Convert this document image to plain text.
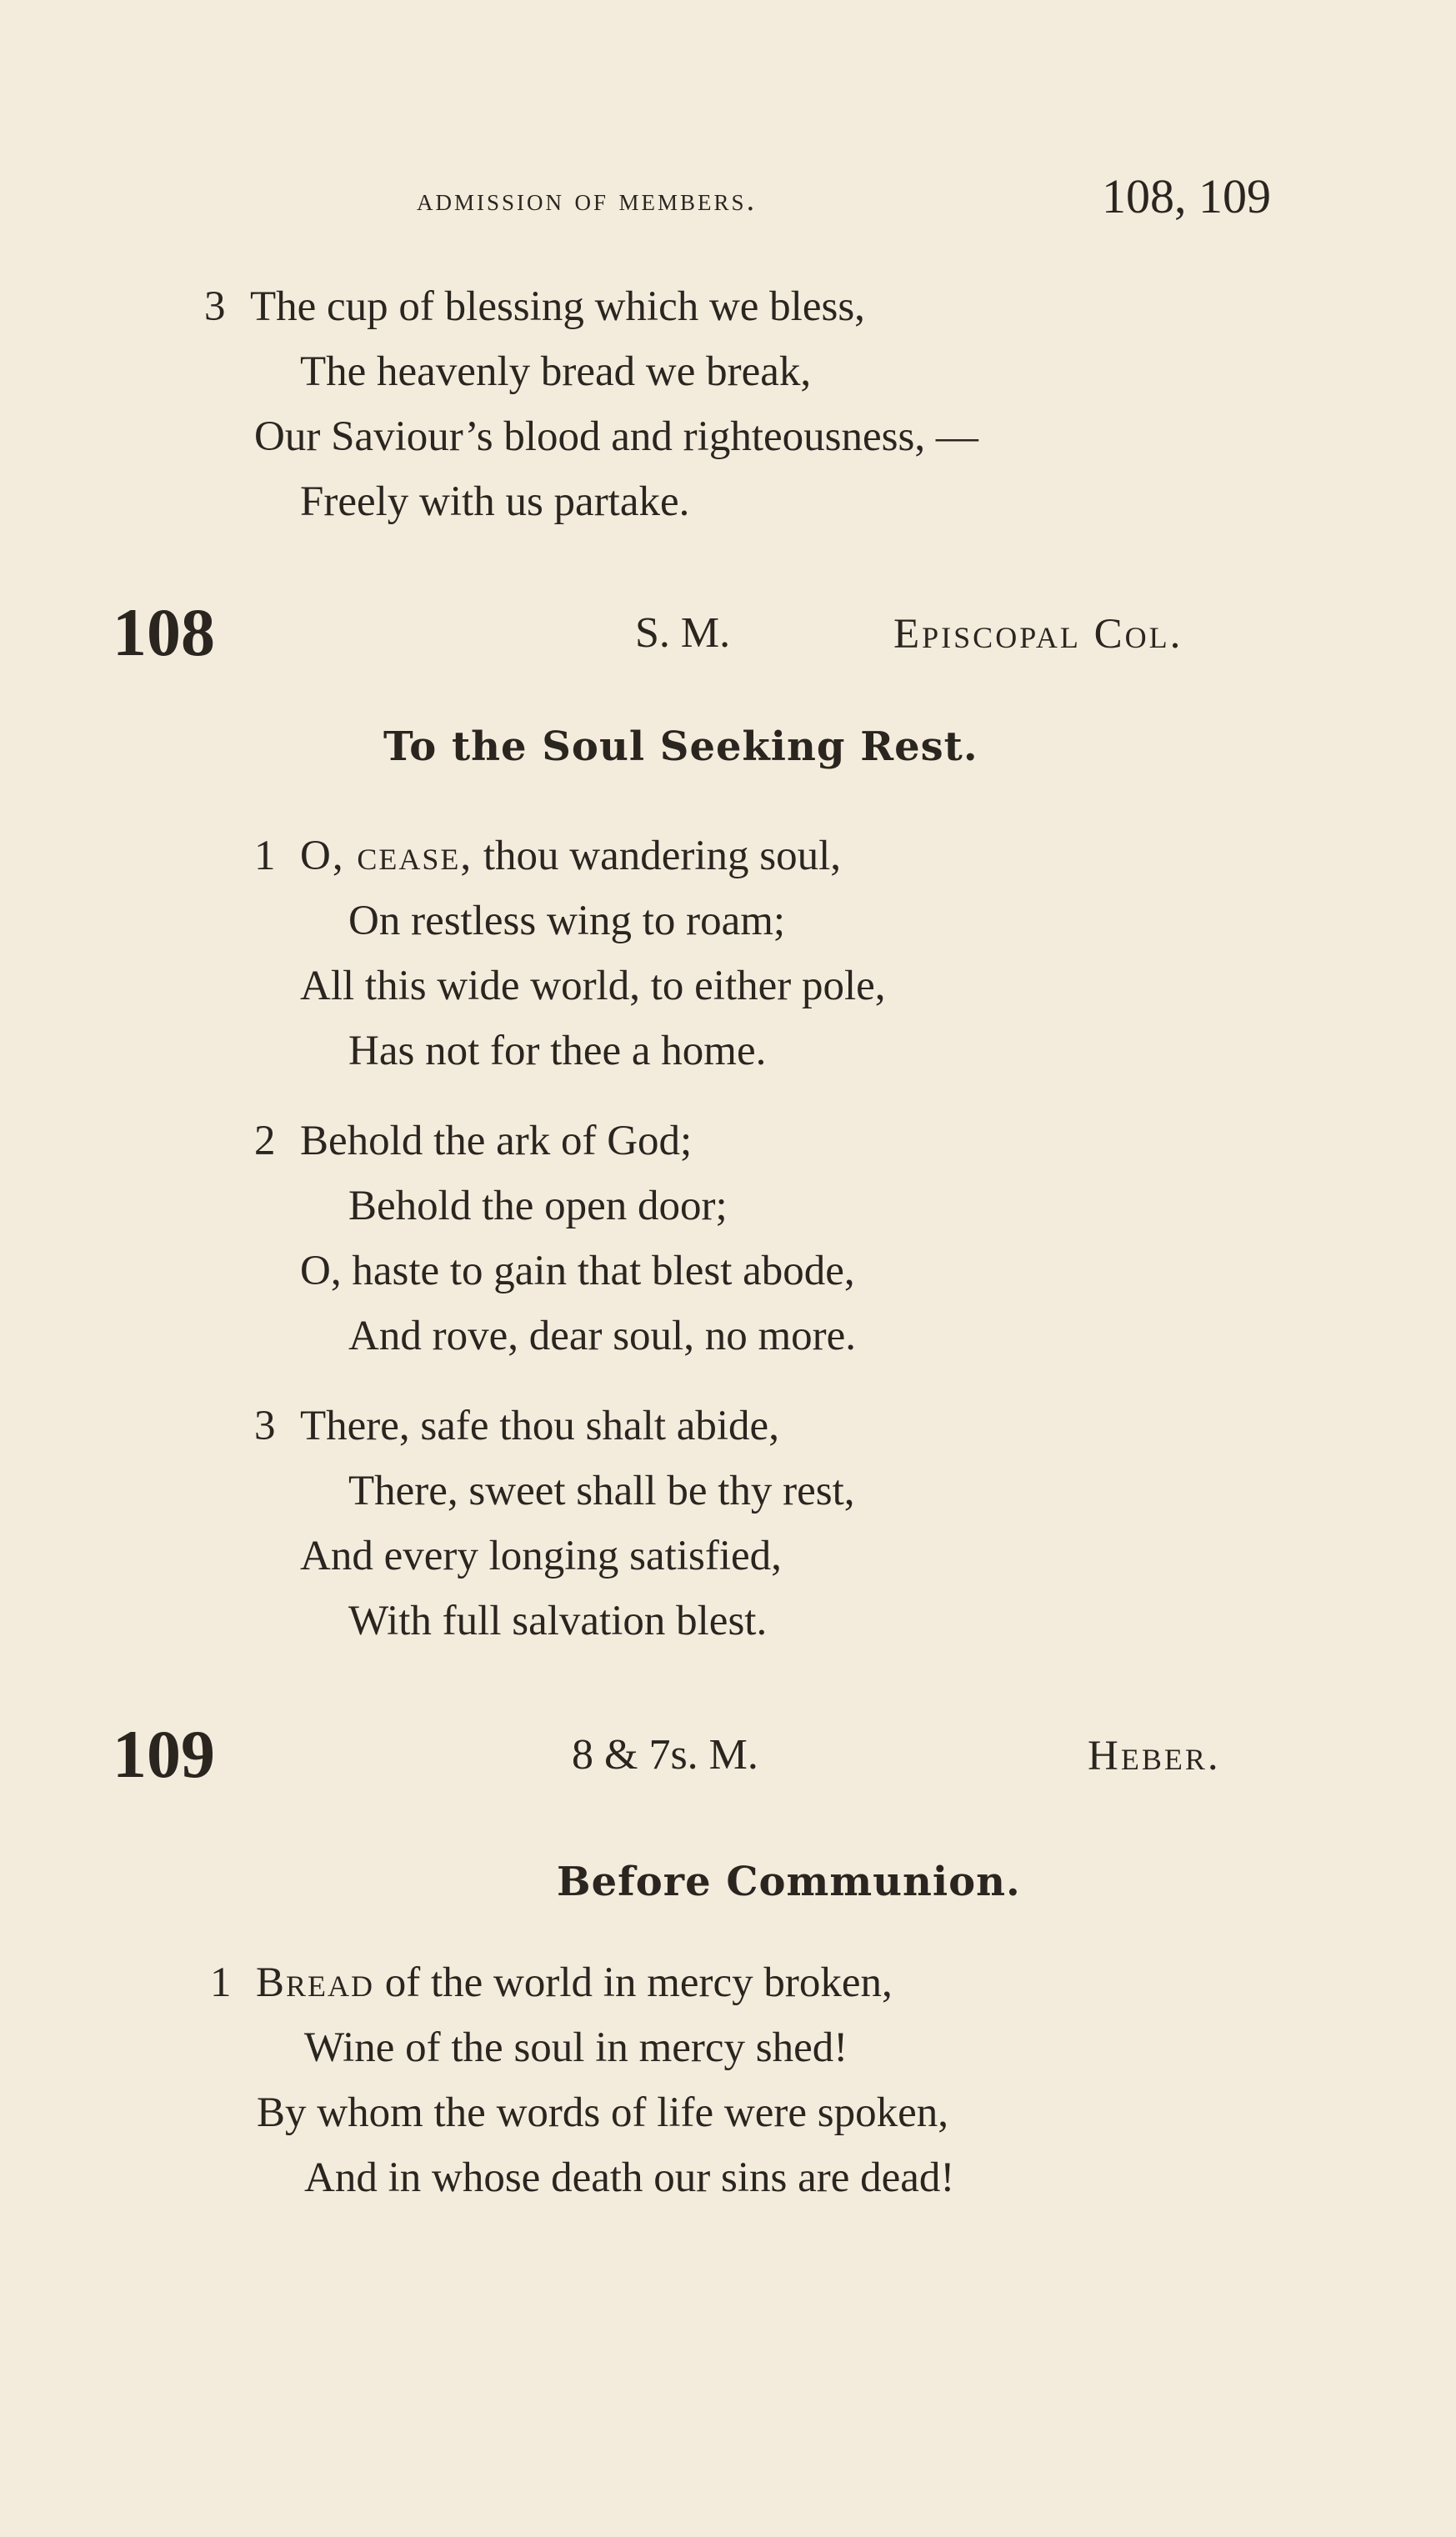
admission of members.	108, 109
3 The cup of blessing which we bless,
The heavenly bread we break,
Our Saviour’s blood and righteousness, —
Freely with us partake.
108	S. M.	Episcopal Col.
To the Soul Seeking Rest.
1 O, cease, thou wandering soul,
On restless wing to roam;
All this wide world, to either pole,
Has not for thee a home.
2 Behold the ark of God;
Behold the open door;
O, haste to gain that blest abode,
And rove, dear soul, no more.
3 There, safe thou shalt abide,
There, sweet shall be thy rest,
And every longing satisfied,
With full salvation blest.
109	8 & 7s. M.	Heber.
Before Communion.
1 Bread of the world in mercy broken,
Wine of the soul in mercy shed!
By whom the words of life were spoken,
And in whose death our sins are dead!
